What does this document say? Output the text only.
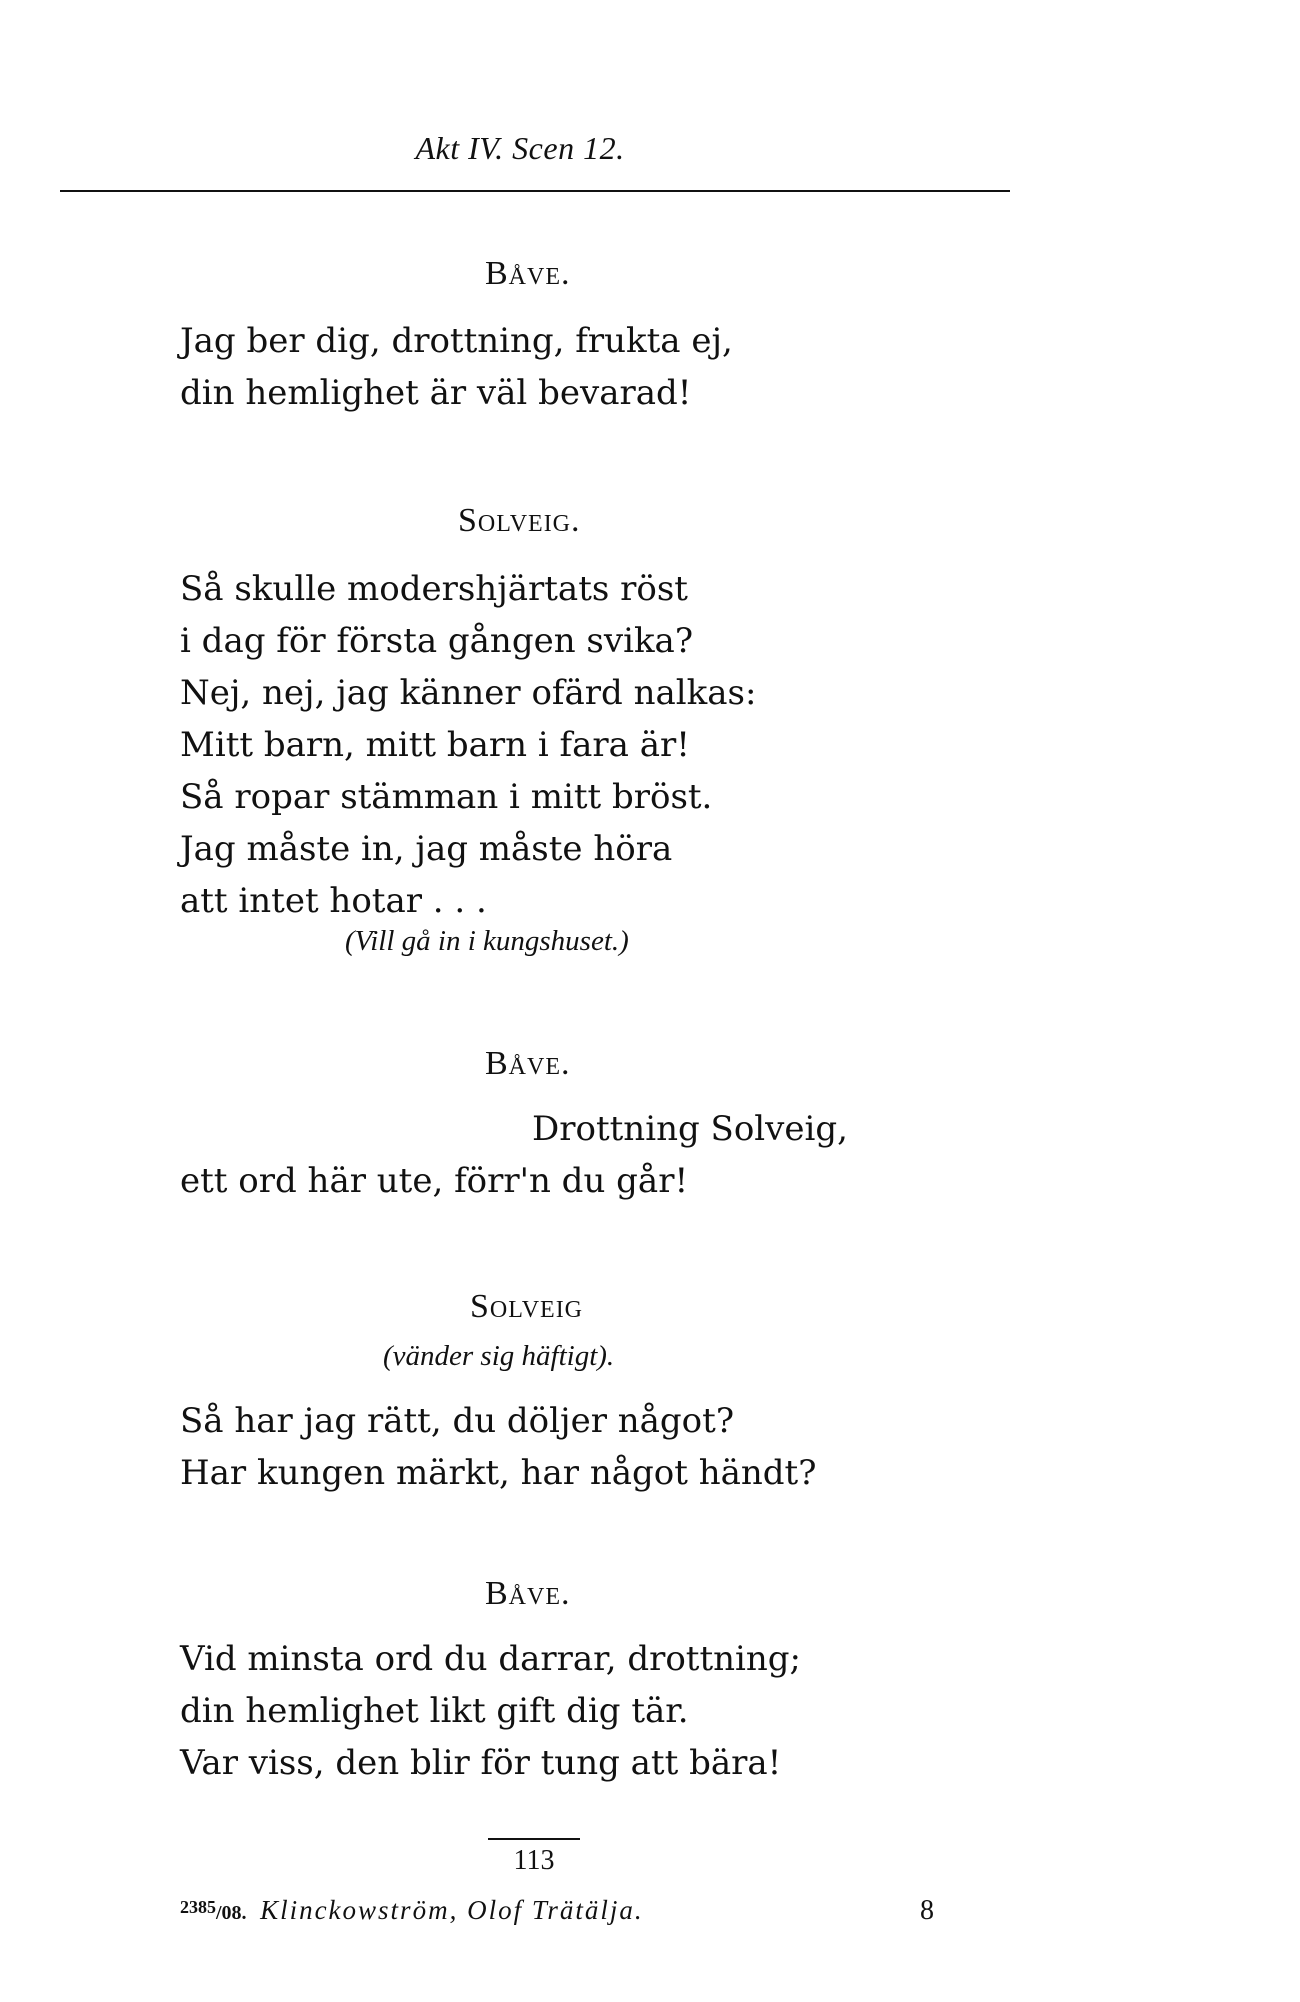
Akt IV. Scen 12.
Båve.
Jag ber dig, drottning, frukta ej,
din hemlighet är väl bevarad!
Solveig.
Så skulle modershjärtats röst
i dag för första gången svika?
Nej, nej, jag känner ofärd nalkas:
Mitt barn, mitt barn i fara är!
Så ropar stämman i mitt bröst.
Jag måste in, jag måste höra
att intet hotar . . .
(Vill gå in i kungshuset.)
Båve.
Drottning Solveig,
ett ord här ute, förr'n du går!
Solveig
(vänder sig häftigt).
Så har jag rätt, du döljer något?
Har kungen märkt, har något händt?
Båve.
Vid minsta ord du darrar, drottning;
din hemlighet likt gift dig tär.
Var viss, den blir för tung att bära!
113
$^{2385}$/08. Klinckowström, Olof Trätälja.	8
